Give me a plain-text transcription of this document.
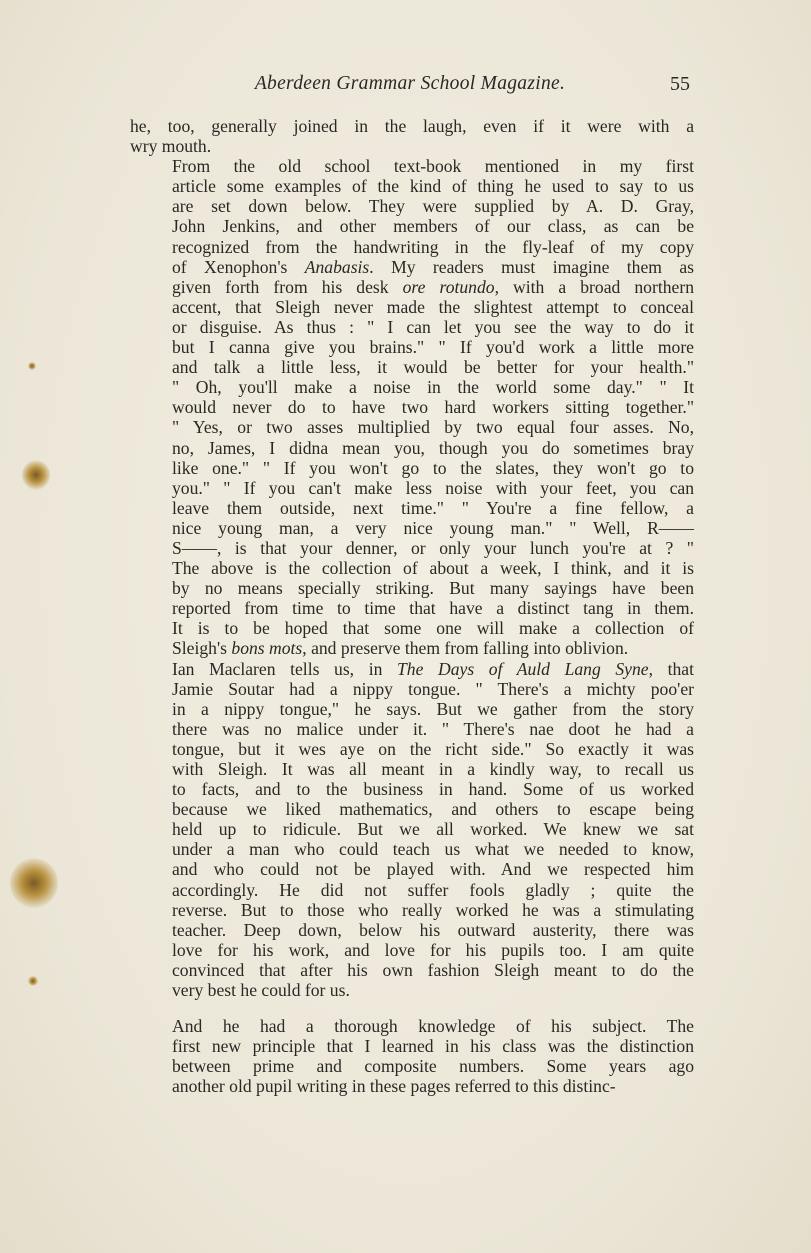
Aberdeen Grammar School Magazine.	55

he, too, generally joined in the laugh, even if it were with a
wry mouth.

From the old school text-book mentioned in my first
article some examples of the kind of thing he used to say to us
are set down below. They were supplied by A. D. Gray,
John Jenkins, and other members of our class, as can be
recognized from the handwriting in the fly-leaf of my copy
of Xenophon's Anabasis. My readers must imagine them as
given forth from his desk ore rotundo, with a broad northern
accent, that Sleigh never made the slightest attempt to conceal
or disguise. As thus : " I can let you see the way to do it
but I canna give you brains." " If you'd work a little more
and talk a little less, it would be better for your health."
" Oh, you'll make a noise in the world some day." " It
would never do to have two hard workers sitting together."
" Yes, or two asses multiplied by two equal four asses. No,
no, James, I didna mean you, though you do sometimes bray
like one." " If you won't go to the slates, they won't go to
you." " If you can't make less noise with your feet, you can
leave them outside, next time." " You're a fine fellow, a
nice young man, a very nice young man." " Well, R——
S——, is that your denner, or only your lunch you're at ? "
The above is the collection of about a week, I think, and it is
by no means specially striking. But many sayings have been
reported from time to time that have a distinct tang in them.
It is to be hoped that some one will make a collection of
Sleigh's bons mots, and preserve them from falling into oblivion.

Ian Maclaren tells us, in The Days of Auld Lang Syne, that
Jamie Soutar had a nippy tongue. " There's a michty poo'er
in a nippy tongue," he says. But we gather from the story
there was no malice under it. " There's nae doot he had a
tongue, but it wes aye on the richt side." So exactly it was
with Sleigh. It was all meant in a kindly way, to recall us
to facts, and to the business in hand. Some of us worked
because we liked mathematics, and others to escape being
held up to ridicule. But we all worked. We knew we sat
under a man who could teach us what we needed to know,
and who could not be played with. And we respected him
accordingly. He did not suffer fools gladly ; quite the
reverse. But to those who really worked he was a stimulating
teacher. Deep down, below his outward austerity, there was
love for his work, and love for his pupils too. I am quite
convinced that after his own fashion Sleigh meant to do the
very best he could for us.

And he had a thorough knowledge of his subject. The
first new principle that I learned in his class was the distinction
between prime and composite numbers. Some years ago
another old pupil writing in these pages referred to this distinc-
